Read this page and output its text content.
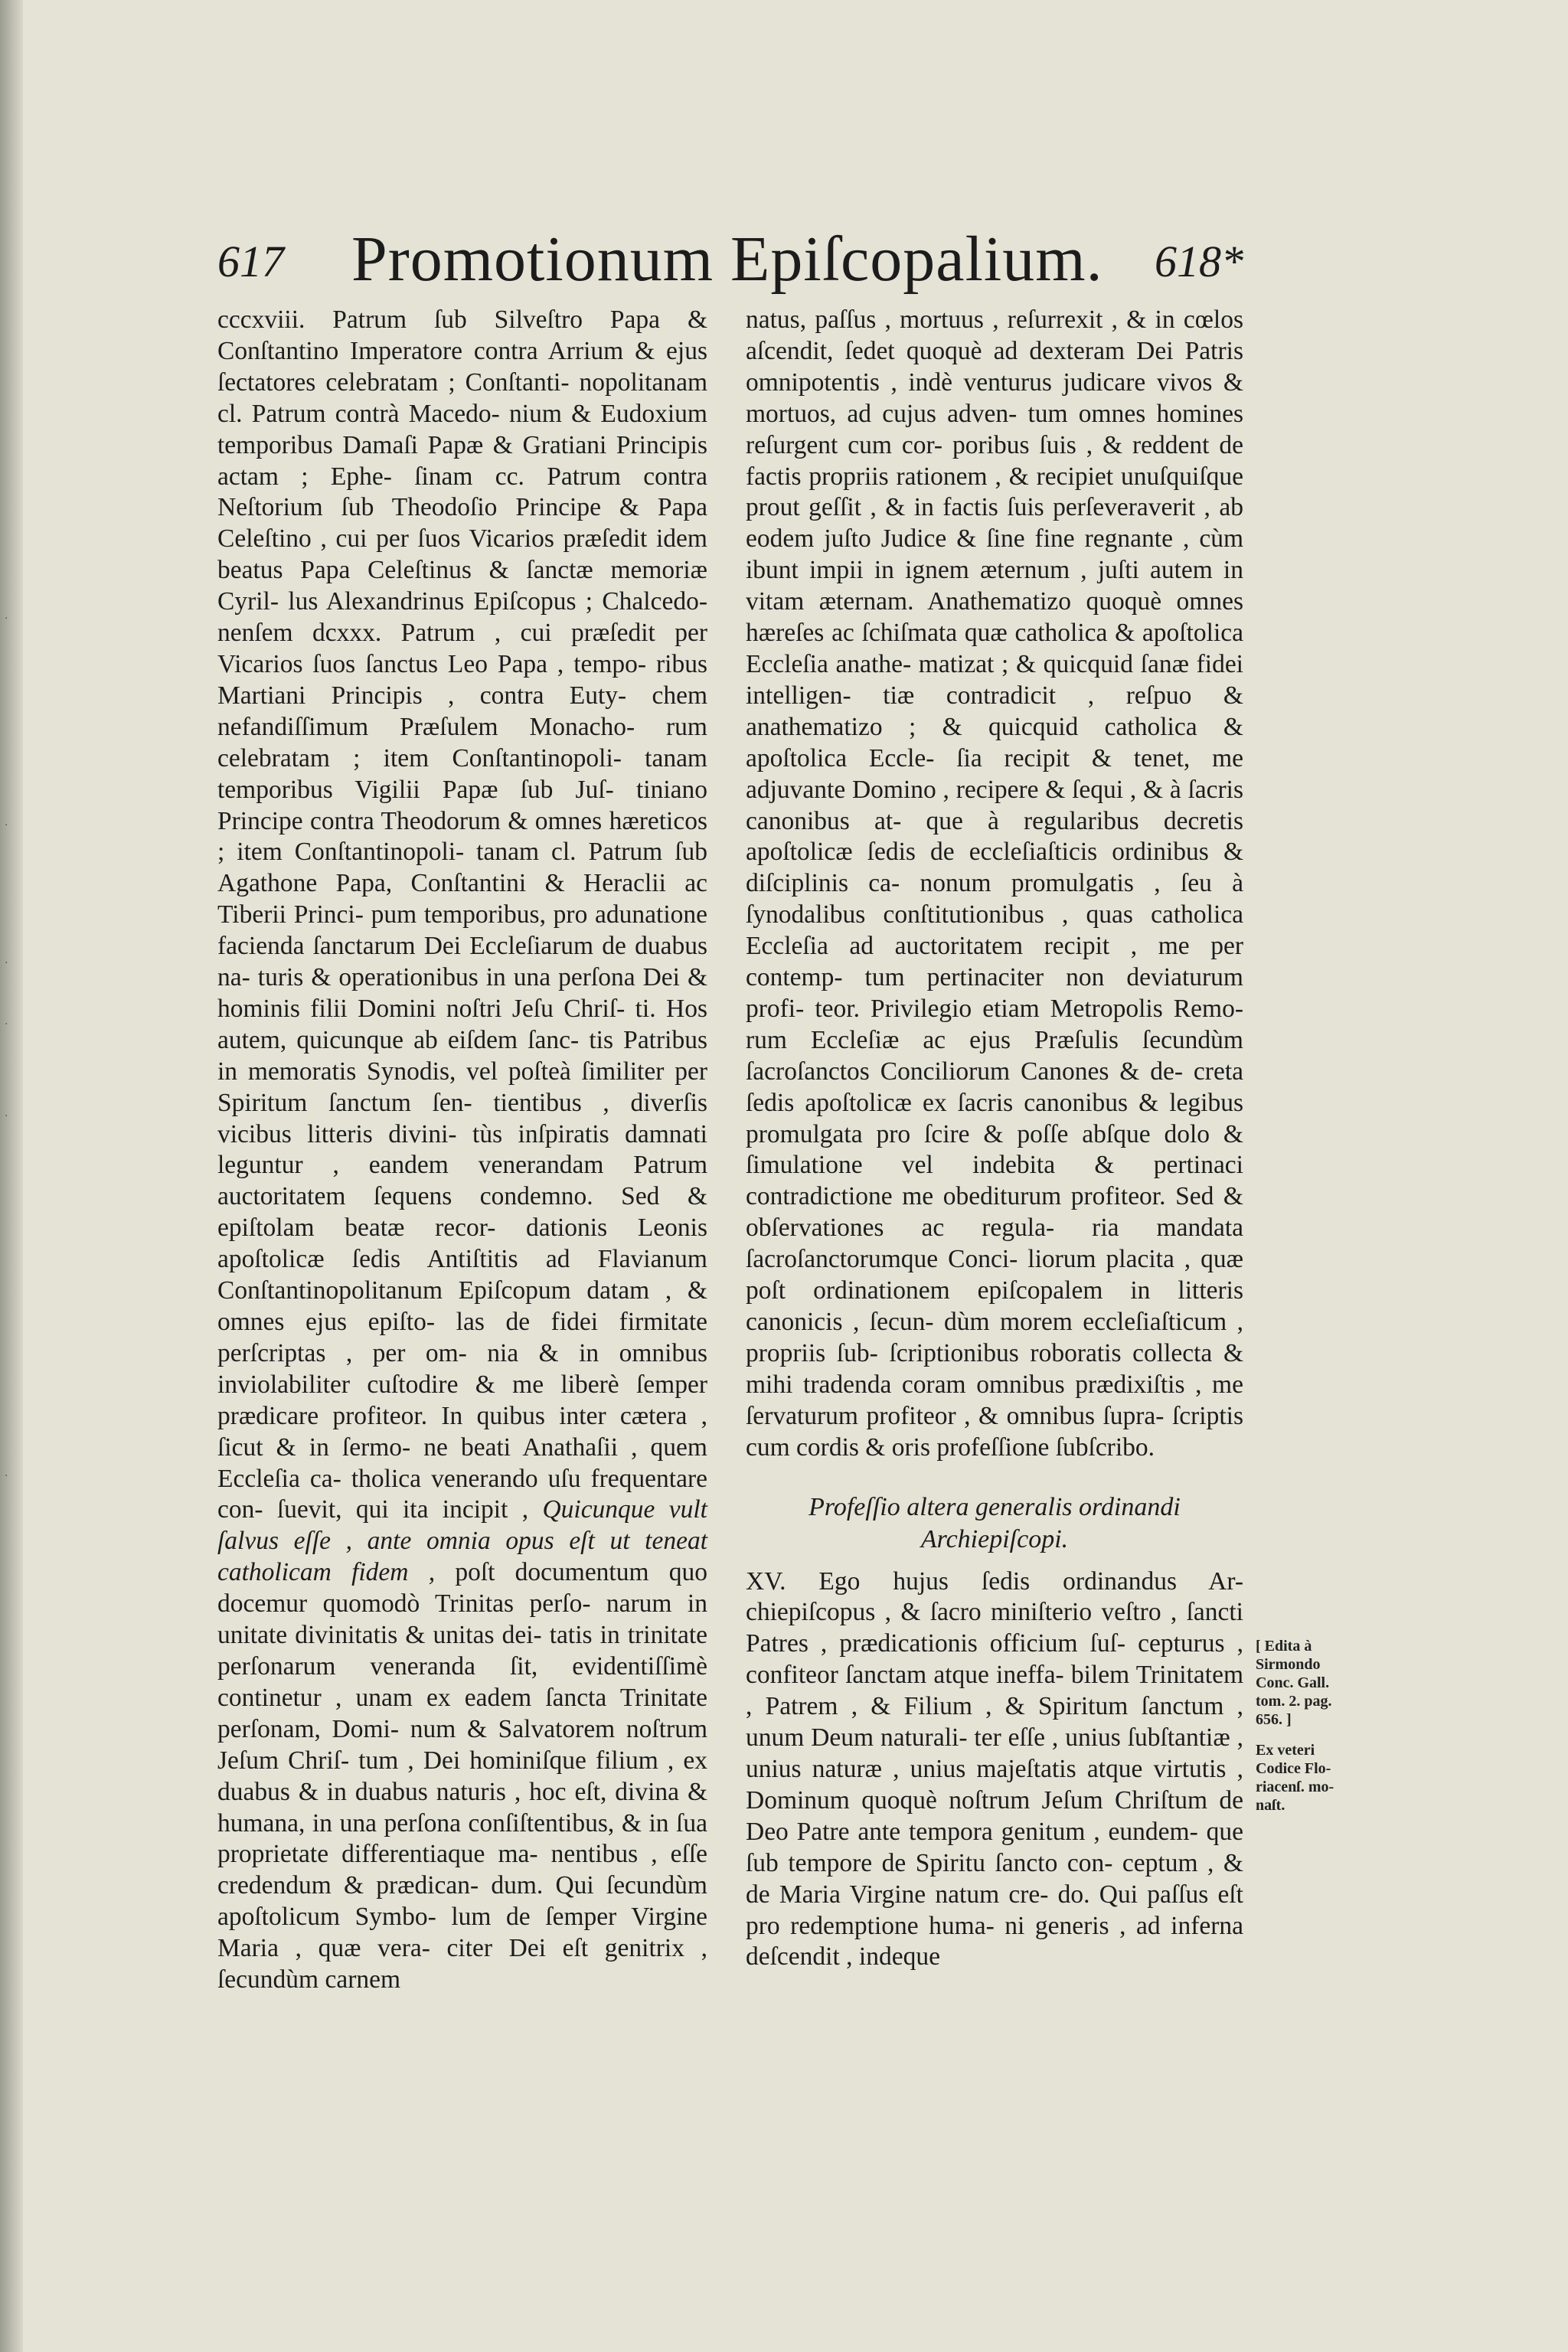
·
·
·
·
·
·
617 Promotionum Epiſcopalium. 618*

cccxviii. Patrum ſub Silveſtro Papa & Conſtantino Imperatore contra Arrium & ejus ſectatores celebratam ; Conſtanti- nopolitanam cl. Patrum contrà Macedo- nium & Eudoxium temporibus Damaſi Papæ & Gratiani Principis actam ; Ephe- ſinam cc. Patrum contra Neſtorium ſub Theodoſio Principe & Papa Celeſtino , cui per ſuos Vicarios præſedit idem beatus Papa Celeſtinus & ſanctæ memoriæ Cyril- lus Alexandrinus Epiſcopus ; Chalcedo- nenſem dcxxx. Patrum , cui præſedit per Vicarios ſuos ſanctus Leo Papa , tempo- ribus Martiani Principis , contra Euty- chem nefandiſſimum Præſulem Monacho- rum celebratam ; item Conſtantinopoli- tanam temporibus Vigilii Papæ ſub Juſ- tiniano Principe contra Theodorum & omnes hæreticos ; item Conſtantinopoli- tanam cl. Patrum ſub Agathone Papa, Conſtantini & Heraclii ac Tiberii Princi- pum temporibus, pro adunatione facienda ſanctarum Dei Eccleſiarum de duabus na- turis & operationibus in una perſona Dei & hominis filii Domini noſtri Jeſu Chriſ- ti. Hos autem, quicunque ab eiſdem ſanc- tis Patribus in memoratis Synodis, vel poſteà ſimiliter per Spiritum ſanctum ſen- tientibus , diverſis vicibus litteris divini- tùs inſpiratis damnati leguntur , eandem venerandam Patrum auctoritatem ſequens condemno. Sed & epiſtolam beatæ recor- dationis Leonis apoſtolicæ ſedis Antiſtitis ad Flavianum Conſtantinopolitanum Epiſcopum datam , & omnes ejus epiſto- las de fidei firmitate perſcriptas , per om- nia & in omnibus inviolabiliter cuſtodire & me liberè ſemper prædicare profiteor. In quibus inter cætera , ſicut & in ſermo- ne beati Anathaſii , quem Eccleſia ca- tholica venerando uſu frequentare con- ſuevit, qui ita incipit , Quicunque vult ſalvus eſſe , ante omnia opus eſt ut teneat catholicam fidem , poſt documentum quo docemur quomodò Trinitas perſo- narum in unitate divinitatis & unitas dei- tatis in trinitate perſonarum veneranda ſit, evidentiſſimè continetur , unam ex eadem ſancta Trinitate perſonam, Domi- num & Salvatorem noſtrum Jeſum Chriſ- tum , Dei hominiſque filium , ex duabus & in duabus naturis , hoc eſt, divina & humana, in una perſona conſiſtentibus, & in ſua proprietate differentiaque ma- nentibus , eſſe credendum & prædican- dum. Qui ſecundùm apoſtolicum Symbo- lum de ſemper Virgine Maria , quæ vera- citer Dei eſt genitrix , ſecundùm carnem

natus, paſſus , mortuus , reſurrexit , & in cœlos aſcendit, ſedet quoquè ad dexteram Dei Patris omnipotentis , indè venturus judicare vivos & mortuos, ad cujus adven- tum omnes homines reſurgent cum cor- poribus ſuis , & reddent de factis propriis rationem , & recipiet unuſquiſque prout geſſit , & in factis ſuis perſeveraverit , ab eodem juſto Judice & ſine fine regnante , cùm ibunt impii in ignem æternum , juſti autem in vitam æternam. Anathematizo quoquè omnes hæreſes ac ſchiſmata quæ catholica & apoſtolica Eccleſia anathe- matizat ; & quicquid ſanæ fidei intelligen- tiæ contradicit , reſpuo & anathematizo ; & quicquid catholica & apoſtolica Eccle- ſia recipit & tenet, me adjuvante Domino , recipere & ſequi , & à ſacris canonibus at- que à regularibus decretis apoſtolicæ ſedis de eccleſiaſticis ordinibus & diſciplinis ca- nonum promulgatis , ſeu à ſynodalibus conſtitutionibus , quas catholica Eccleſia ad auctoritatem recipit , me per contemp- tum pertinaciter non deviaturum profi- teor. Privilegio etiam Metropolis Remo- rum Eccleſiæ ac ejus Præſulis ſecundùm ſacroſanctos Conciliorum Canones & de- creta ſedis apoſtolicæ ex ſacris canonibus & legibus promulgata pro ſcire & poſſe abſque dolo & ſimulatione vel indebita & pertinaci contradictione me obediturum profiteor. Sed & obſervationes ac regula- ria mandata ſacroſanctorumque Conci- liorum placita , quæ poſt ordinationem epiſcopalem in litteris canonicis , ſecun- dùm morem eccleſiaſticum , propriis ſub- ſcriptionibus roboratis collecta & mihi tradenda coram omnibus prædixiſtis , me ſervaturum profiteor , & omnibus ſupra- ſcriptis cum cordis & oris profeſſione ſubſcribo.

Profeſſio altera generalis ordinandi Archiepiſcopi.

XV. Ego hujus ſedis ordinandus Ar- chiepiſcopus , & ſacro miniſterio veſtro , ſancti Patres , prædicationis officium ſuſ- cepturus , confiteor ſanctam atque ineffa- bilem Trinitatem , Patrem , & Filium , & Spiritum ſanctum , unum Deum naturali- ter eſſe , unius ſubſtantiæ , unius naturæ , unius majeſtatis atque virtutis , Dominum quoquè noſtrum Jeſum Chriſtum de Deo Patre ante tempora genitum , eundem- que ſub tempore de Spiritu ſancto con- ceptum , & de Maria Virgine natum cre- do. Qui paſſus eſt pro redemptione huma- ni generis , ad inferna deſcendit , indeque

[ Edita à
Sirmondo
Conc. Gall.
tom. 2. pag.
656. ]
Ex veteri
Codice Flo-
riacenſ. mo-
naſt.
